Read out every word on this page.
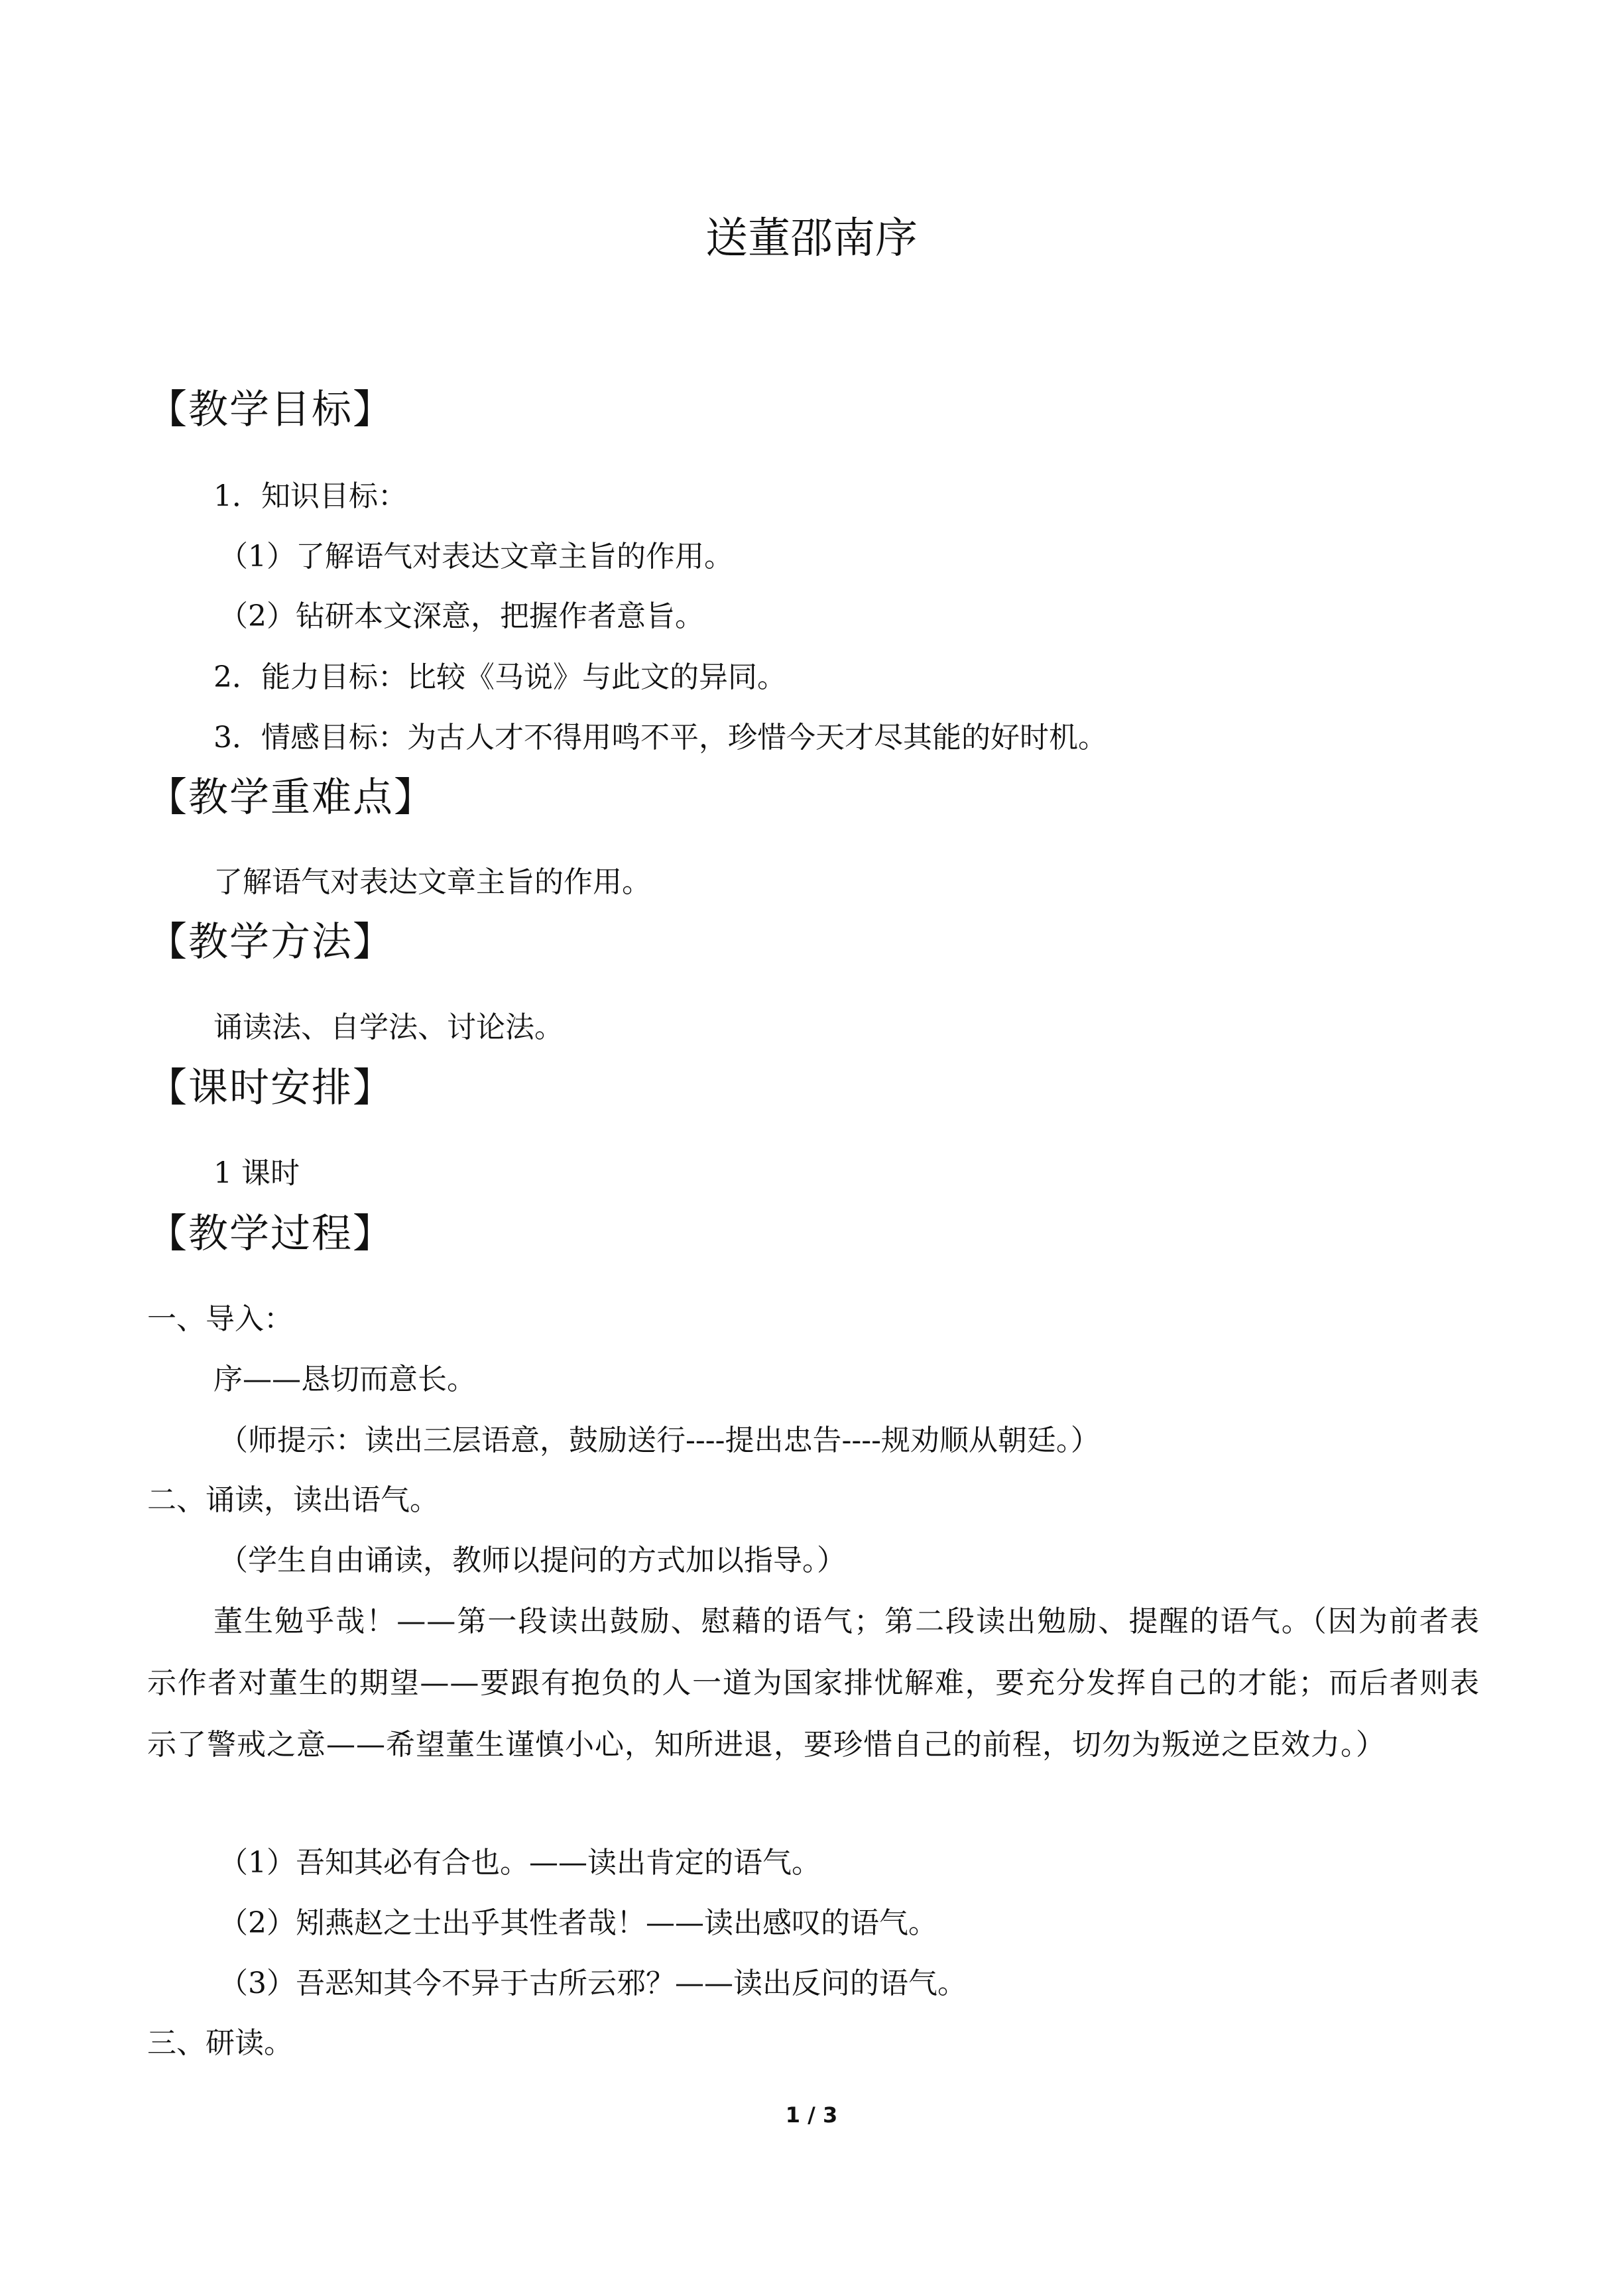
送董邵南序
【教学目标】
1．知识目标：
（1）了解语气对表达文章主旨的作用。
（2）钻研本文深意，把握作者意旨。
2．能力目标：比较《马说》与此文的异同。
3．情感目标：为古人才不得用鸣不平，珍惜今天才尽其能的好时机。
【教学重难点】
了解语气对表达文章主旨的作用。
【教学方法】
诵读法、自学法、讨论法。
【课时安排】
1 课时
【教学过程】
一、导入：
序——恳切而意长。
（师提示：读出三层语意，鼓励送行----提出忠告----规劝顺从朝廷。）
二、诵读，读出语气。
（学生自由诵读，教师以提问的方式加以指导。）
董生勉乎哉！——第一段读出鼓励、慰藉的语气；第二段读出勉励、提醒的语气。（因为前者表示作者对董生的期望——要跟有抱负的人一道为国家排忧解难，要充分发挥自己的才能；而后者则表示了警戒之意——希望董生谨慎小心，知所进退，要珍惜自己的前程，切勿为叛逆之臣效力。）
（1）吾知其必有合也。——读出肯定的语气。
（2）矧燕赵之士出乎其性者哉！——读出感叹的语气。
（3）吾恶知其今不异于古所云邪？——读出反问的语气。
三、研读。
1 / 3
